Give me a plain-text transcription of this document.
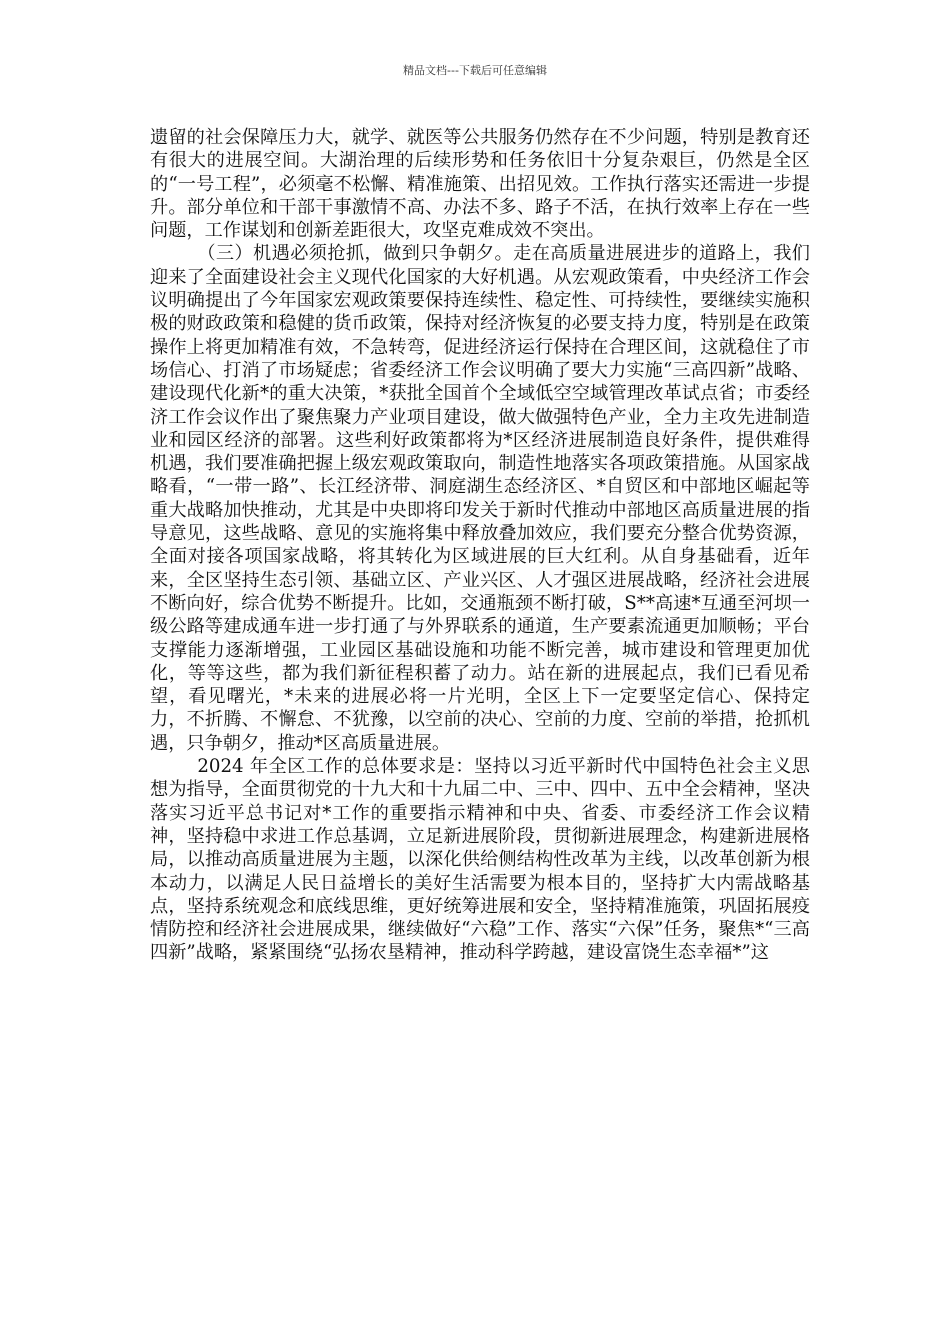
精品文档---下载后可任意编辑

遗留的社会保障压力大，就学、就医等公共服务仍然存在不少问题，特别是教育还有很大的进展空间。大湖治理的后续形势和任务依旧十分复杂艰巨，仍然是全区的“一号工程”，必须毫不松懈、精准施策、出招见效。工作执行落实还需进一步提升。部分单位和干部干事激情不高、办法不多、路子不活，在执行效率上存在一些问题，工作谋划和创新差距很大，攻坚克难成效不突出。

（三）机遇必须抢抓，做到只争朝夕。走在高质量进展进步的道路上，我们迎来了全面建设社会主义现代化国家的大好机遇。从宏观政策看，中央经济工作会议明确提出了今年国家宏观政策要保持连续性、稳定性、可持续性，要继续实施积极的财政政策和稳健的货币政策，保持对经济恢复的必要支持力度，特别是在政策操作上将更加精准有效，不急转弯，促进经济运行保持在合理区间，这就稳住了市场信心、打消了市场疑虑；省委经济工作会议明确了要大力实施“三高四新”战略、建设现代化新*的重大决策，*获批全国首个全域低空空域管理改革试点省；市委经济工作会议作出了聚焦聚力产业项目建设，做大做强特色产业，全力主攻先进制造业和园区经济的部署。这些利好政策都将为*区经济进展制造良好条件，提供难得机遇，我们要准确把握上级宏观政策取向，制造性地落实各项政策措施。从国家战略看，“一带一路”、长江经济带、洞庭湖生态经济区、*自贸区和中部地区崛起等重大战略加快推动，尤其是中央即将印发关于新时代推动中部地区高质量进展的指导意见，这些战略、意见的实施将集中释放叠加效应，我们要充分整合优势资源，全面对接各项国家战略，将其转化为区域进展的巨大红利。从自身基础看，近年来，全区坚持生态引领、基础立区、产业兴区、人才强区进展战略，经济社会进展不断向好，综合优势不断提升。比如，交通瓶颈不断打破，S**高速*互通至河坝一级公路等建成通车进一步打通了与外界联系的通道，生产要素流通更加顺畅；平台支撑能力逐渐增强，工业园区基础设施和功能不断完善，城市建设和管理更加优化，等等这些，都为我们新征程积蓄了动力。站在新的进展起点，我们已看见希望，看见曙光，*未来的进展必将一片光明，全区上下一定要坚定信心、保持定力，不折腾、不懈怠、不犹豫，以空前的决心、空前的力度、空前的举措，抢抓机遇，只争朝夕，推动*区高质量进展。

2024 年全区工作的总体要求是：坚持以习近平新时代中国特色社会主义思想为指导，全面贯彻党的十九大和十九届二中、三中、四中、五中全会精神，坚决落实习近平总书记对*工作的重要指示精神和中央、省委、市委经济工作会议精神，坚持稳中求进工作总基调，立足新进展阶段，贯彻新进展理念，构建新进展格局，以推动高质量进展为主题，以深化供给侧结构性改革为主线，以改革创新为根本动力，以满足人民日益增长的美好生活需要为根本目的，坚持扩大内需战略基点，坚持系统观念和底线思维，更好统筹进展和安全，坚持精准施策，巩固拓展疫情防控和经济社会进展成果，继续做好“六稳”工作、落实“六保”任务，聚焦*“三高四新”战略，紧紧围绕“弘扬农垦精神，推动科学跨越，建设富饶生态幸福*”这
